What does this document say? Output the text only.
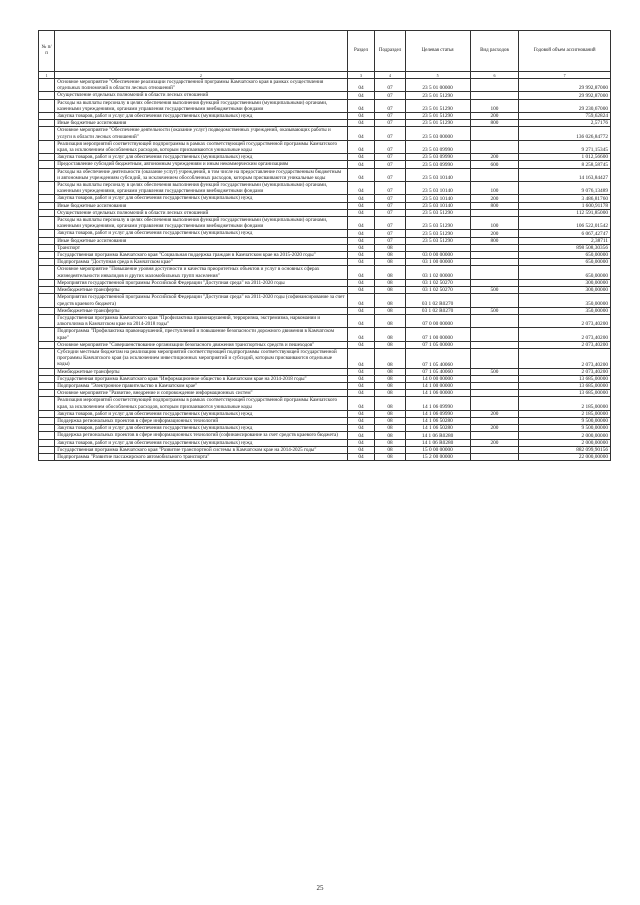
№ п/п		Раздел	Подраздел	Целевая статья	Вид расходов	Годовой объем ассигнований
1	2	3	4	5	6	7
	Основное мероприятие "Обеспечение реализации государственной программы Камчатского края в рамках осуществления отдельных полномочий в области лесных отношений"	04	07	23 5 01 00000		29 992,87000
	Осуществление отдельных полномочий в области лесных отношений	04	07	23 5 01 51290		29 992,87000
	Расходы на выплаты персоналу в целях обеспечения выполнения функций государственными (муниципальными) органами, казенными учреждениями, органами управления государственными внебюджетными фондами	04	07	23 5 01 51290	100	29 230,67000
	Закупка товаров, работ и услуг для обеспечения государственных (муниципальных) нужд	04	07	23 5 01 51290	200	759,62824
	Иные бюджетные ассигнования	04	07	23 5 01 51290	800	2,57176
	Основное мероприятие "Обеспечение деятельности (оказание услуг) подведомственных учреждений, оказывающих работы и услуги в области лесных отношений"	04	07	23 5 03 00000		136 026,84772
	Реализация мероприятий соответствующей подпрограммы в рамках соответствующей государственной программы Камчатского края, за исключением обособленных расходов, которым присваиваются уникальные коды	04	07	23 5 03 09990		9 271,15345
	Закупка товаров, работ и услуг для обеспечения государственных (муниципальных) нужд	04	07	23 5 03 09990	200	1 012,56600
	Предоставление субсидий бюджетным, автономным учреждениям и иным некоммерческим организациям	04	07	23 5 03 09990	600	8 258,58745
	Расходы на обеспечение деятельности (оказание услуг) учреждений, в том числе на предоставление государственным бюджетным и автономным учреждениям субсидий, за исключением обособленных расходов, которым присваиваются уникальные коды	04	07	23 5 03 10140		14 163,84427
	Расходы на выплаты персоналу в целях обеспечения выполнения функций государственными (муниципальными) органами, казенными учреждениями, органами управления государственными внебюджетными фондами	04	07	23 5 03 10140	100	9 076,13489
	Закупка товаров, работ и услуг для обеспечения государственных (муниципальных) нужд	04	07	23 5 03 10140	200	3 486,81760
	Иные бюджетные ассигнования	04	07	23 5 03 10140	800	1 600,91178
	Осуществление отдельных полномочий в области лесных отношений	04	07	23 5 03 51290		112 591,85000
	Расходы на выплаты персоналу в целях обеспечения выполнения функций государственными (муниципальными) органами, казенными учреждениями, органами управления государственными внебюджетными фондами	04	07	23 5 03 51290	100	106 522,01542
	Закупка товаров, работ и услуг для обеспечения государственных (муниципальных) нужд	04	07	23 5 03 51290	200	6 067,42747
	Иные бюджетные ассигнования	04	07	23 5 03 51290	800	2,38711
	Транспорт	04	08			898 508,30356
	Государственная программа Камчатского края "Социальная поддержка граждан в Камчатском крае на 2015-2020 годы"	04	08	03 0 00 00000		650,00000
	Подпрограмма "Доступная среда в Камчатском крае"	04	08	03 1 00 00000		650,00000
	Основное мероприятие "Повышение уровня доступности и качества приоритетных объектов и услуг в основных сферах жизнедеятельности инвалидов и других маломобильных групп населения"	04	08	03 1 02 00000		650,00000
	Мероприятия государственной программы Российской Федерации "Доступная среда" на 2011-2020 годы	04	08	03 1 02 50270		300,00000
	Межбюджетные трансферты	04	08	03 1 02 50270	500	300,00000
	Мероприятия государственной программы Российской Федерации "Доступная среда" на 2011-2020 годы (софинансирование за счет средств краевого бюджета)	04	08	03 1 02 R0270		350,00000
	Межбюджетные трансферты	04	08	03 1 02 R0270	500	350,00000
	Государственная программа Камчатского края "Профилактика правонарушений, терроризма, экстремизма, наркомании и алкоголизма в Камчатском крае на 2014-2018 годы"	04	08	07 0 00 00000		2 073,40200
	Подпрограмма "Профилактика правонарушений, преступлений и повышение безопасности дорожного движения в Камчатском крае"	04	08	07 1 00 00000		2 073,40200
	Основное мероприятие "Совершенствование организации безопасного движения транспортных средств и пешеходов"	04	08	07 1 05 00000		2 073,40200
	Субсидии местным бюджетам на реализацию мероприятий соответствующей подпрограммы соответствующей государственной программы Камчатского края (за исключением инвестиционных мероприятий и субсидий, которым присваиваются отдельные коды)	04	08	07 1 05 40060		2 073,40200
	Межбюджетные трансферты	04	08	07 1 05 40060	500	2 073,40200
	Государственная программа Камчатского края "Информационное общество в Камчатском крае на 2014-2018 годы"	04	08	14 0 00 00000		13 685,00000
	Подпрограмма "Электронное правительство в Камчатском крае"	04	08	14 1 00 00000		13 685,00000
	Основное мероприятие "Развитие, внедрение и сопровождение информационных систем"	04	08	14 1 06 00000		13 685,00000
	Реализация мероприятий соответствующей подпрограммы в рамках соответствующей государственной программы Камчатского края, за исключением обособленных расходов, которым присваиваются уникальные коды	04	08	14 1 06 09990		2 185,00000
	Закупка товаров, работ и услуг для обеспечения государственных (муниципальных) нужд	04	08	14 1 06 09990	200	2 185,00000
	Поддержка региональных проектов в сфере информационных технологий	04	08	14 1 06 50280		9 500,00000
	Закупка товаров, работ и услуг для обеспечения государственных (муниципальных) нужд	04	08	14 1 06 50280	200	9 500,00000
	Поддержка региональных проектов в сфере информационных технологий (софинансирование за счет средств краевого бюджета)	04	08	14 1 06 R0280		2 000,00000
	Закупка товаров, работ и услуг для обеспечения государственных (муниципальных) нужд	04	08	14 1 06 R0280	200	2 000,00000
	Государственная программа Камчатского края "Развитие транспортной системы в Камчатском крае на 2014-2025 годы"	04	08	15 0 00 00000		882 099,90156
	Подпрограмма "Развитие пассажирского автомобильного транспорта"	04	08	15 2 00 00000		22 000,00000
25
